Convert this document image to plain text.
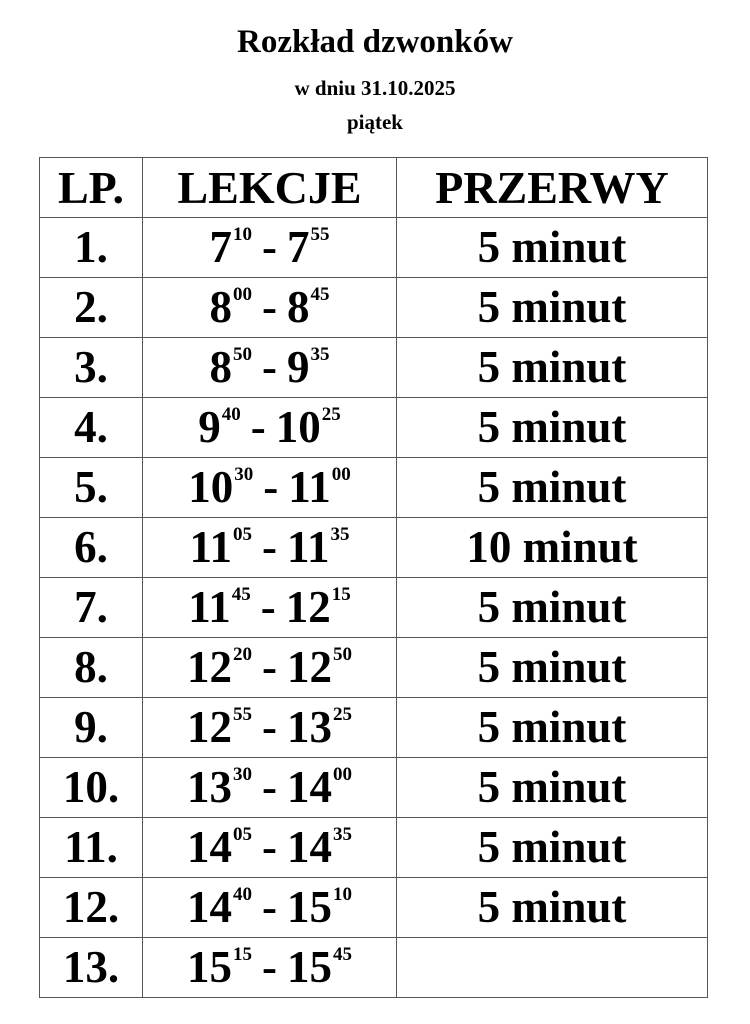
Rozkład dzwonków
w dniu 31.10.2025
piątek
LP.	LEKCJE	PRZERWY
1.	$7^{10} - 7^{55}$	5 minut
2.	$8^{00} - 8^{45}$	5 minut
3.	$8^{50} - 9^{35}$	5 minut
4.	$9^{40} - 10^{25}$	5 minut
5.	$10^{30} - 11^{00}$	5 minut
6.	$11^{05} - 11^{35}$	10 minut
7.	$11^{45} - 12^{15}$	5 minut
8.	$12^{20} - 12^{50}$	5 minut
9.	$12^{55} - 13^{25}$	5 minut
10.	$13^{30} - 14^{00}$	5 minut
11.	$14^{05} - 14^{35}$	5 minut
12.	$14^{40} - 15^{10}$	5 minut
13.	$15^{15} - 15^{45}$	
